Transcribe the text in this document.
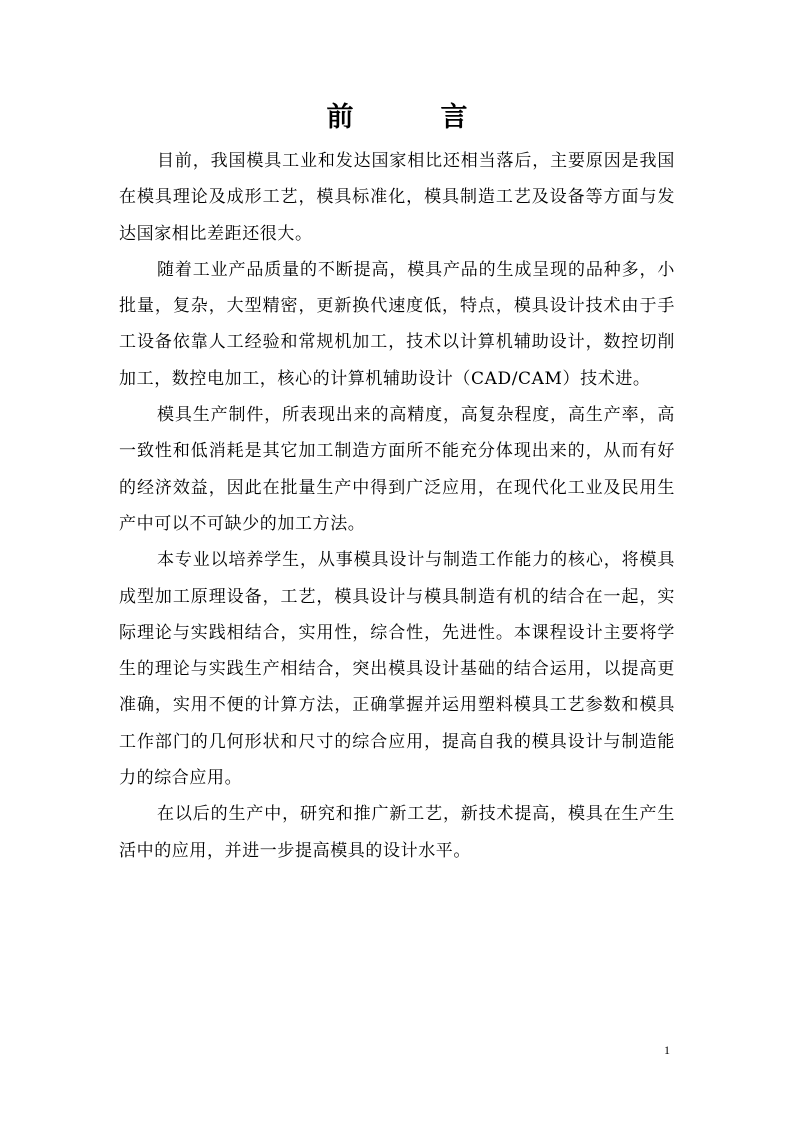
前　言

目前，我国模具工业和发达国家相比还相当落后，主要原因是我国在模具理论及成形工艺，模具标准化，模具制造工艺及设备等方面与发达国家相比差距还很大。

随着工业产品质量的不断提高，模具产品的生成呈现的品种多，小批量，复杂，大型精密，更新换代速度低，特点，模具设计技术由于手工设备依靠人工经验和常规机加工，技术以计算机辅助设计，数控切削加工，数控电加工，核心的计算机辅助设计（CAD/CAM）技术进。

模具生产制件，所表现出来的高精度，高复杂程度，高生产率，高一致性和低消耗是其它加工制造方面所不能充分体现出来的，从而有好的经济效益，因此在批量生产中得到广泛应用，在现代化工业及民用生产中可以不可缺少的加工方法。

本专业以培养学生，从事模具设计与制造工作能力的核心，将模具成型加工原理设备，工艺，模具设计与模具制造有机的结合在一起，实际理论与实践相结合，实用性，综合性，先进性。本课程设计主要将学生的理论与实践生产相结合，突出模具设计基础的结合运用，以提高更准确，实用不便的计算方法，正确掌握并运用塑料模具工艺参数和模具工作部门的几何形状和尺寸的综合应用，提高自我的模具设计与制造能力的综合应用。

在以后的生产中，研究和推广新工艺，新技术提高，模具在生产生活中的应用，并进一步提高模具的设计水平。

1
